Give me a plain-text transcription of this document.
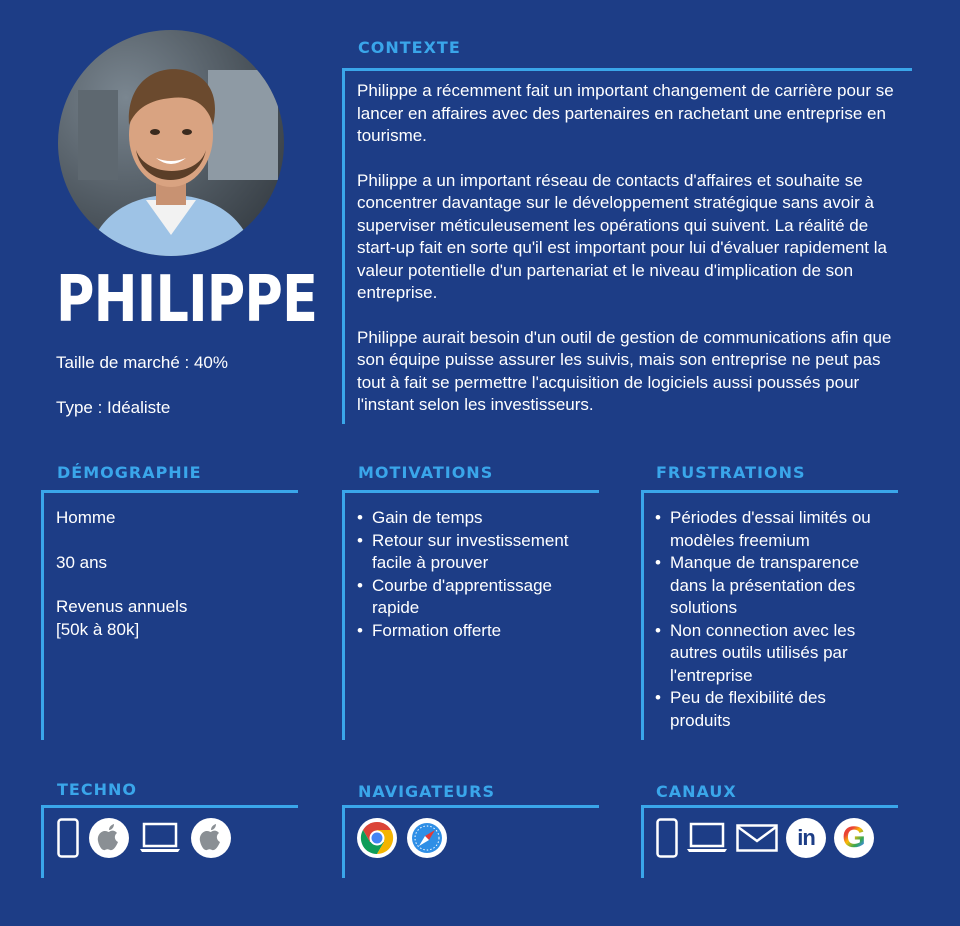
PHILIPPE
Taille de marché : 40%
Type : Idéaliste
CONTEXTE

Philippe a récemment fait un important changement de carrière pour se lancer en affaires avec des partenaires en rachetant une entreprise en tourisme.

Philippe a un important réseau de contacts d'affaires et souhaite se concentrer davantage sur le développement stratégique sans avoir à superviser méticuleusement les opérations qui suivent. La réalité de start-up fait en sorte qu'il est important pour lui d'évaluer rapidement la valeur potentielle d'un partenariat et le niveau d'implication de son entreprise.

Philippe aurait besoin d'un outil de gestion de communications afin que son équipe puisse assurer les suivis, mais son entreprise ne peut pas tout à fait se permettre l'acquisition de logiciels aussi poussés pour l'instant selon les investisseurs.

DÉMOGRAPHIE
Homme
30 ans
Revenus annuels
[50k à 80k]
MOTIVATIONS
• Gain de temps
• Retour sur investissement facile à prouver
• Courbe d'apprentissage rapide
• Formation offerte
FRUSTRATIONS
• Périodes d'essai limités ou modèles freemium
• Manque de transparence dans la présentation des solutions
• Non connection avec les autres outils utilisés par l'entreprise
• Peu de flexibilité des produits
TECHNO	NAVIGATEURS	CANAUX
in G
